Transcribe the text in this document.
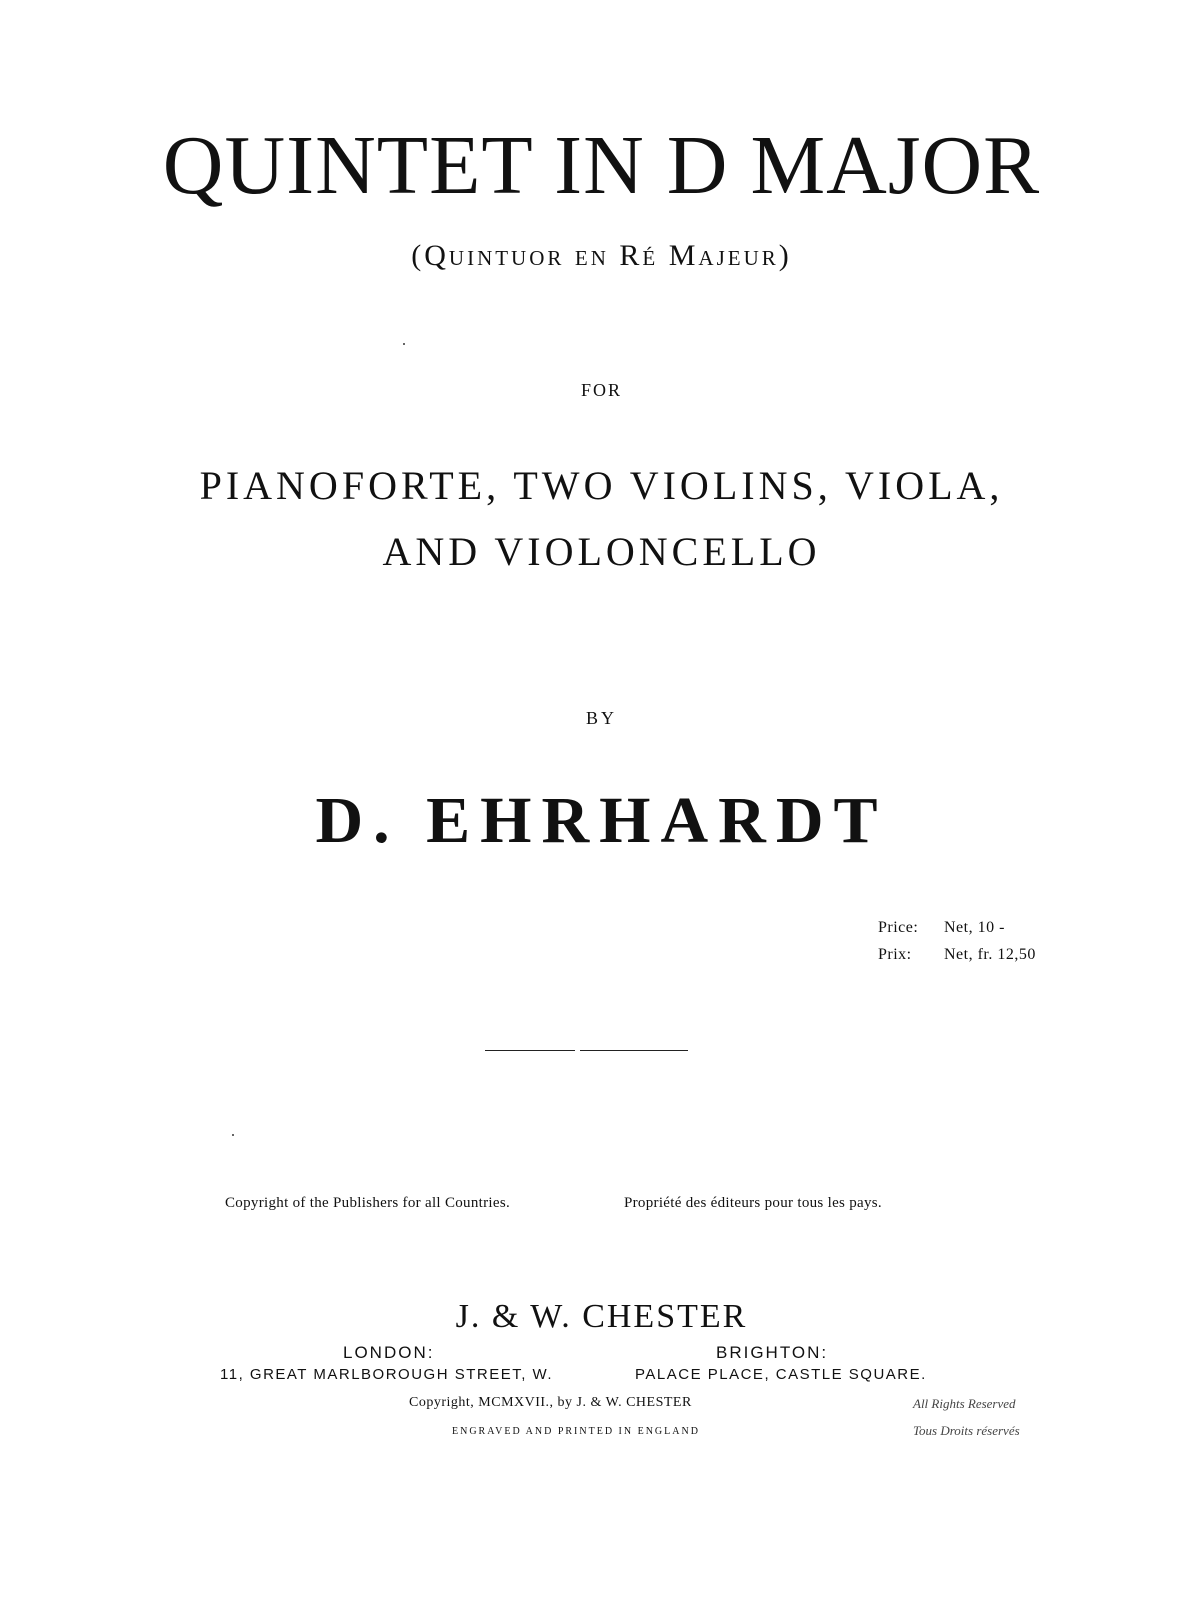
QUINTET IN D MAJOR
(Quintuor en Ré Majeur)
FOR
PIANOFORTE, TWO VIOLINS, VIOLA,
AND VIOLONCELLO
BY
D. EHRHARDT
Price: Net, 10 -
Prix: Net, fr. 12,50
Copyright of the Publishers for all Countries.	Propriété des éditeurs pour tous les pays.
J. & W. CHESTER
LONDON:	BRIGHTON:
11, GREAT MARLBOROUGH STREET, W.	PALACE PLACE, CASTLE SQUARE.
Copyright, MCMXVII., by J. & W. CHESTER
ENGRAVED AND PRINTED IN ENGLAND
All Rights Reserved
Tous Droits réservés
